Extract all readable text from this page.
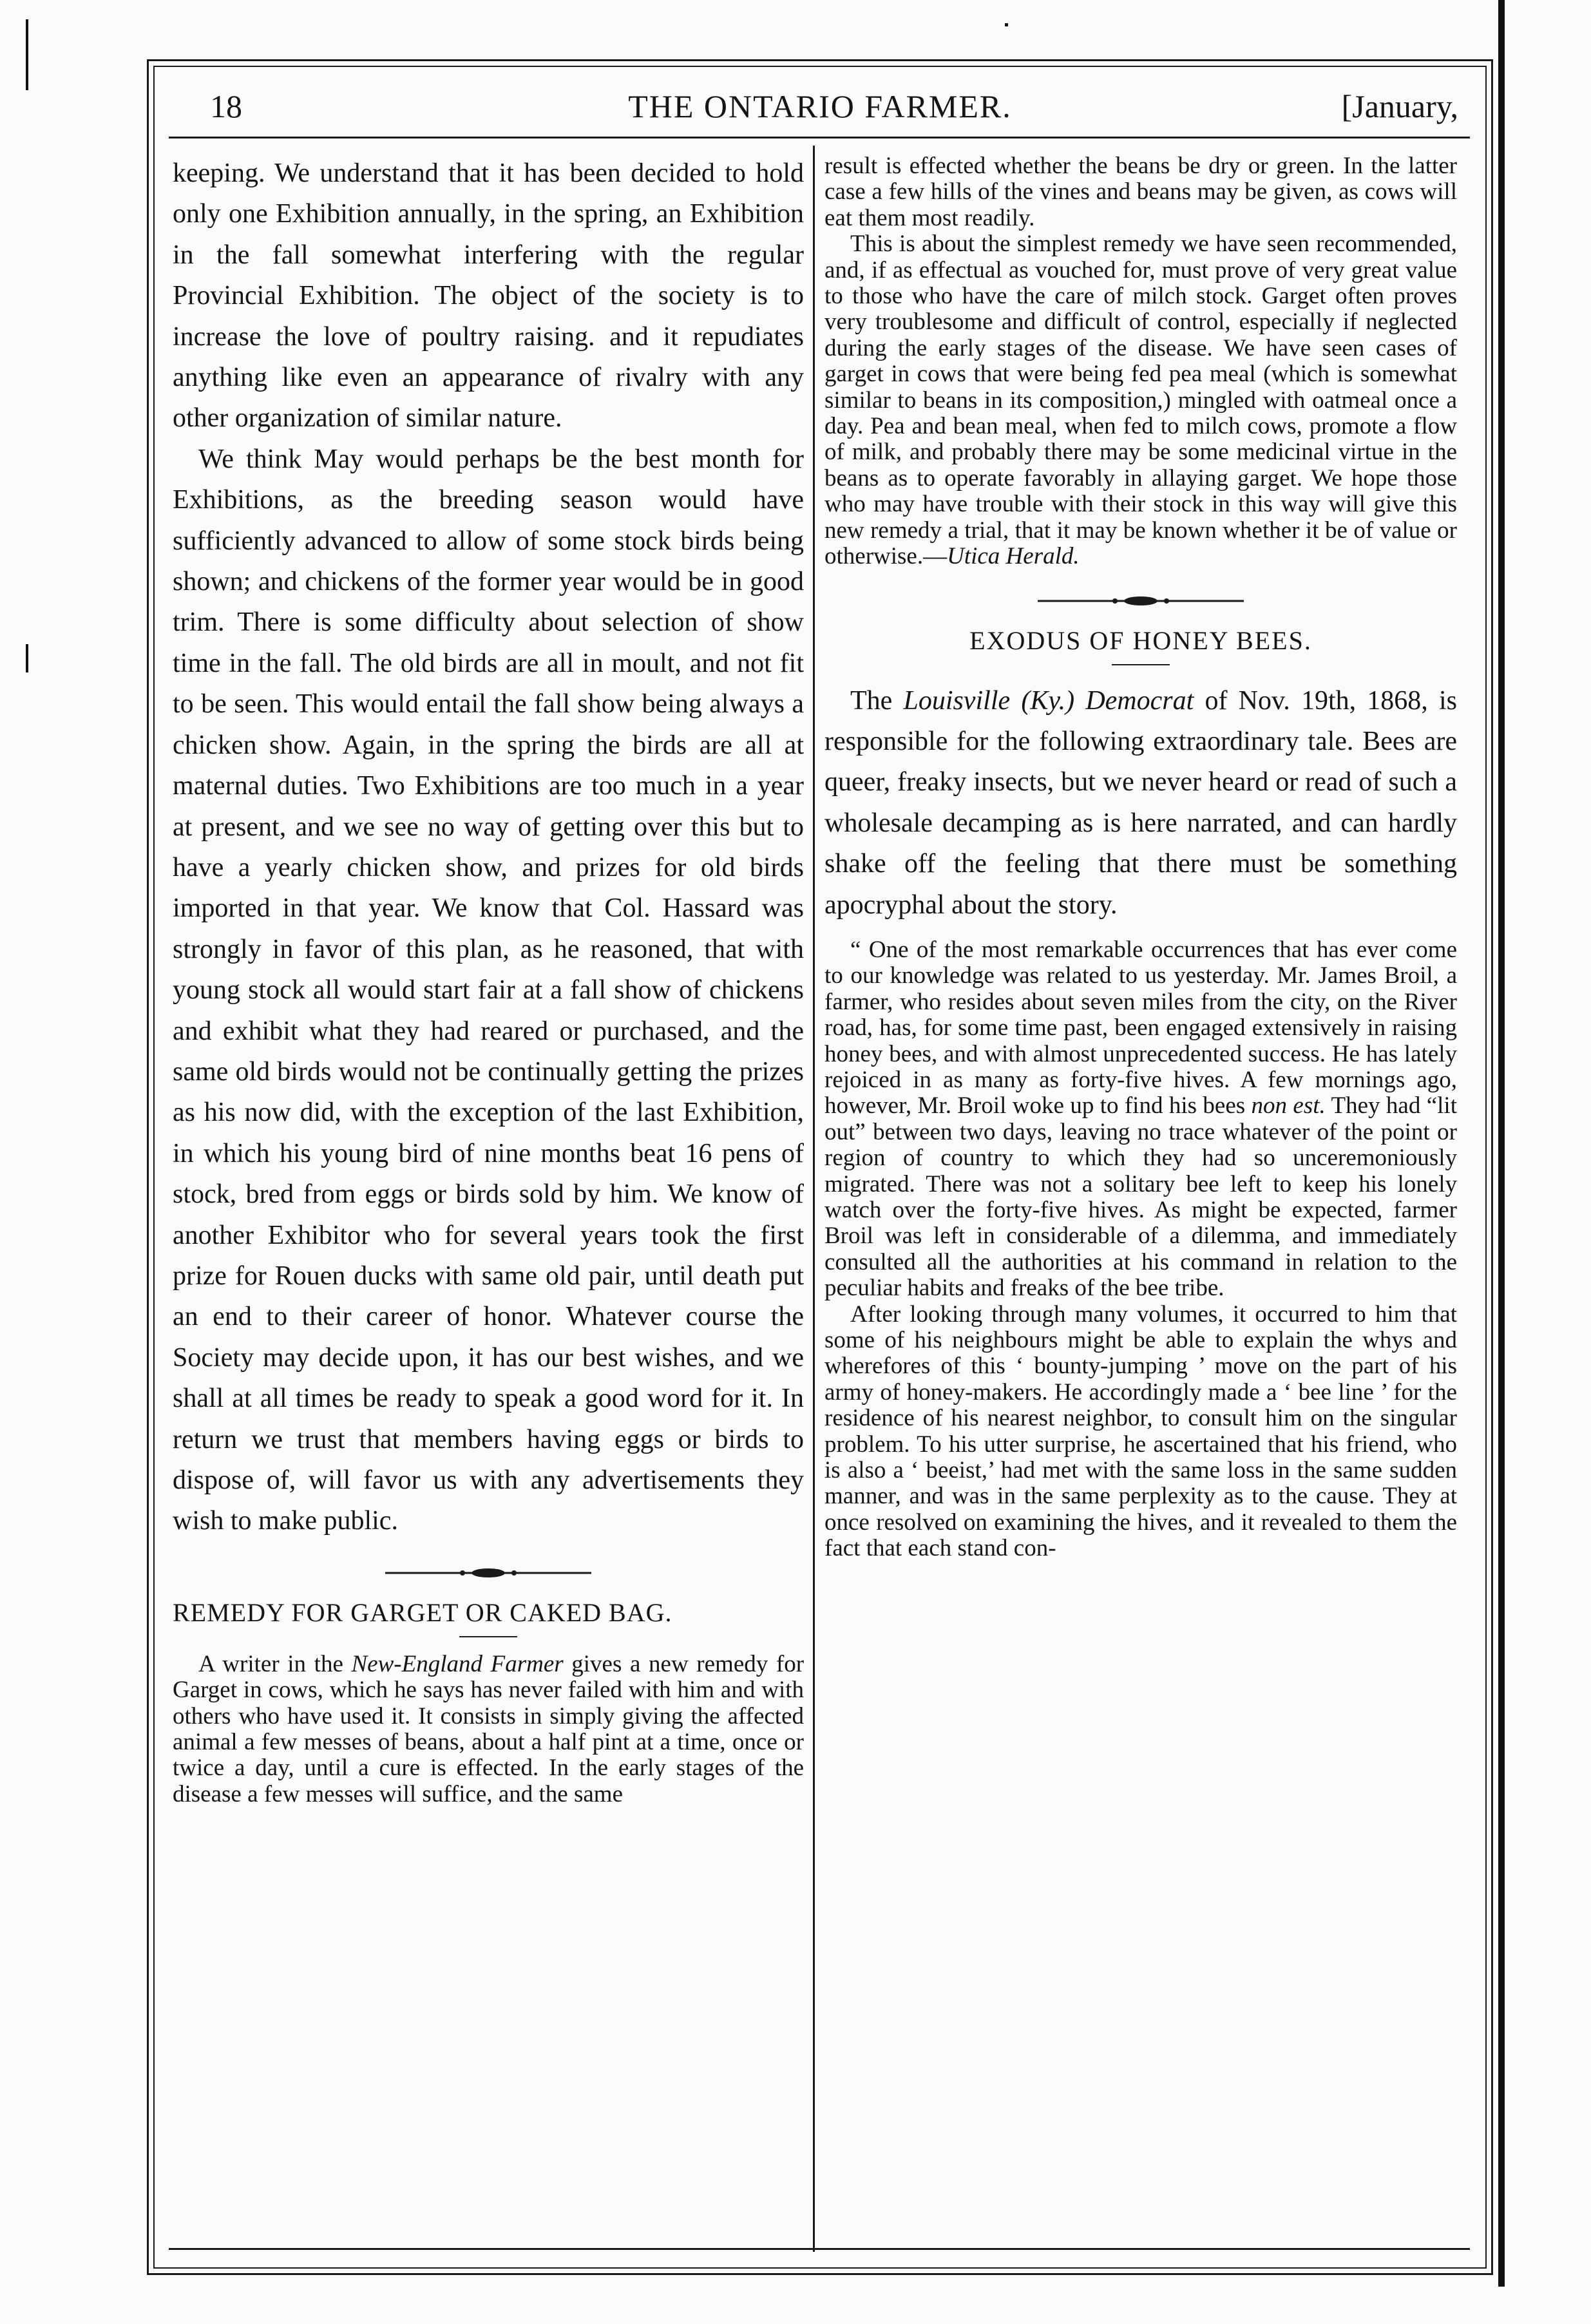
18	THE ONTARIO FARMER.	[January,

keeping. We understand that it has been decided to hold only one Exhibition annually, in the spring, an Exhibition in the fall somewhat interfering with the regular Provincial Exhibition. The object of the society is to increase the love of poultry raising. and it repudiates anything like even an appearance of rivalry with any other organization of similar nature.

We think May would perhaps be the best month for Exhibitions, as the breeding season would have sufficiently advanced to allow of some stock birds being shown; and chickens of the former year would be in good trim. There is some difficulty about selection of show time in the fall. The old birds are all in moult, and not fit to be seen. This would entail the fall show being always a chicken show. Again, in the spring the birds are all at maternal duties. Two Exhibitions are too much in a year at present, and we see no way of getting over this but to have a yearly chicken show, and prizes for old birds imported in that year. We know that Col. Hassard was strongly in favor of this plan, as he reasoned, that with young stock all would start fair at a fall show of chickens and exhibit what they had reared or purchased, and the same old birds would not be continually getting the prizes as his now did, with the exception of the last Exhibition, in which his young bird of nine months beat 16 pens of stock, bred from eggs or birds sold by him. We know of another Exhibitor who for several years took the first prize for Rouen ducks with same old pair, until death put an end to their career of honor. Whatever course the Society may decide upon, it has our best wishes, and we shall at all times be ready to speak a good word for it. In return we trust that members having eggs or birds to dispose of, will favor us with any advertisements they wish to make public.

REMEDY FOR GARGET OR CAKED BAG.

A writer in the New-England Farmer gives a new remedy for Garget in cows, which he says has never failed with him and with others who have used it. It consists in simply giving the affected animal a few messes of beans, about a half pint at a time, once or twice a day, until a cure is effected. In the early stages of the disease a few messes will suffice, and the same

result is effected whether the beans be dry or green. In the latter case a few hills of the vines and beans may be given, as cows will eat them most readily.

This is about the simplest remedy we have seen recommended, and, if as effectual as vouched for, must prove of very great value to those who have the care of milch stock. Garget often proves very troublesome and difficult of control, especially if neglected during the early stages of the disease. We have seen cases of garget in cows that were being fed pea meal (which is somewhat similar to beans in its composition,) mingled with oatmeal once a day. Pea and bean meal, when fed to milch cows, promote a flow of milk, and probably there may be some medicinal virtue in the beans as to operate favorably in allaying garget. We hope those who may have trouble with their stock in this way will give this new remedy a trial, that it may be known whether it be of value or otherwise.—Utica Herald.

EXODUS OF HONEY BEES.

The Louisville (Ky.) Democrat of Nov. 19th, 1868, is responsible for the following extraordinary tale. Bees are queer, freaky insects, but we never heard or read of such a wholesale decamping as is here narrated, and can hardly shake off the feeling that there must be something apocryphal about the story.

“ One of the most remarkable occurrences that has ever come to our knowledge was related to us yesterday. Mr. James Broil, a farmer, who resides about seven miles from the city, on the River road, has, for some time past, been engaged extensively in raising honey bees, and with almost unprecedented success. He has lately rejoiced in as many as forty-five hives. A few mornings ago, however, Mr. Broil woke up to find his bees non est. They had “lit out” between two days, leaving no trace whatever of the point or region of country to which they had so unceremoniously migrated. There was not a solitary bee left to keep his lonely watch over the forty-five hives. As might be expected, farmer Broil was left in considerable of a dilemma, and immediately consulted all the authorities at his command in relation to the peculiar habits and freaks of the bee tribe.

After looking through many volumes, it occurred to him that some of his neighbours might be able to explain the whys and wherefores of this ‘ bounty-jumping ’ move on the part of his army of honey-makers. He accordingly made a ‘ bee line ’ for the residence of his nearest neighbor, to consult him on the singular problem. To his utter surprise, he ascertained that his friend, who is also a ‘ beeist,’ had met with the same loss in the same sudden manner, and was in the same perplexity as to the cause. They at once resolved on examining the hives, and it revealed to them the fact that each stand con-
